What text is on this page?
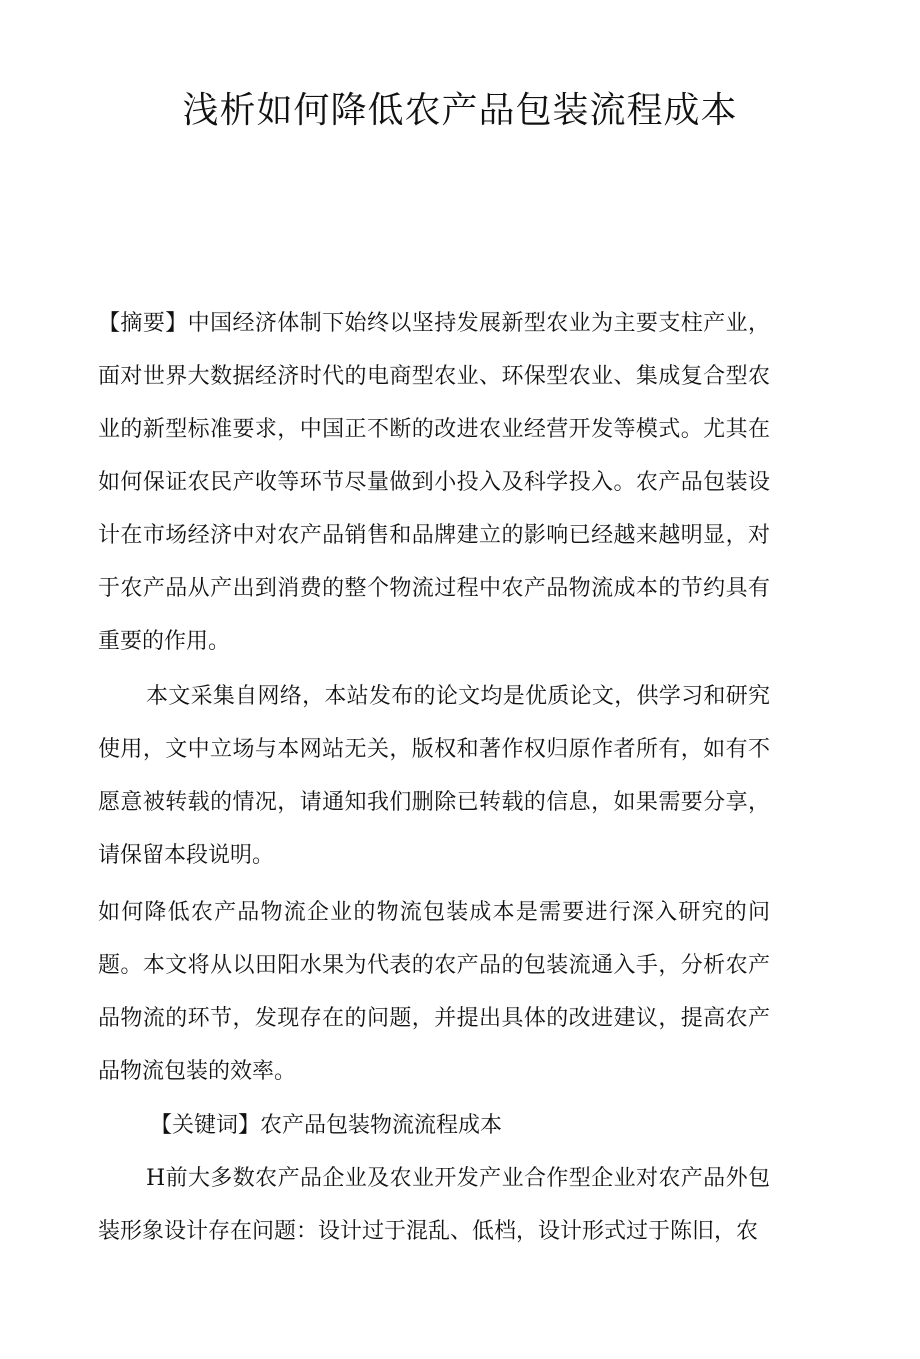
浅析如何降低农产品包装流程成本

【摘要】中国经济体制下始终以坚持发展新型农业为主要支柱产业，面对世界大数据经济时代的电商型农业、环保型农业、集成复合型农业的新型标准要求，中国正不断的改进农业经营开发等模式。尤其在如何保证农民产收等环节尽量做到小投入及科学投入。农产品包装设计在市场经济中对农产品销售和品牌建立的影响已经越来越明显，对于农产品从产出到消费的整个物流过程中农产品物流成本的节约具有重要的作用。

本文采集自网络，本站发布的论文均是优质论文，供学习和研究使用，文中立场与本网站无关，版权和著作权归原作者所有，如有不愿意被转载的情况，请通知我们删除已转载的信息，如果需要分享，请保留本段说明。

如何降低农产品物流企业的物流包装成本是需要进行深入研究的问题。本文将从以田阳水果为代表的农产品的包装流通入手，分析农产品物流的环节，发现存在的问题，并提出具体的改进建议，提高农产品物流包装的效率。

【关键词】农产品包装物流流程成本

H前大多数农产品企业及农业开发产业合作型企业对农产品外包装形象设计存在问题：设计过于混乱、低档，设计形式过于陈旧，农
